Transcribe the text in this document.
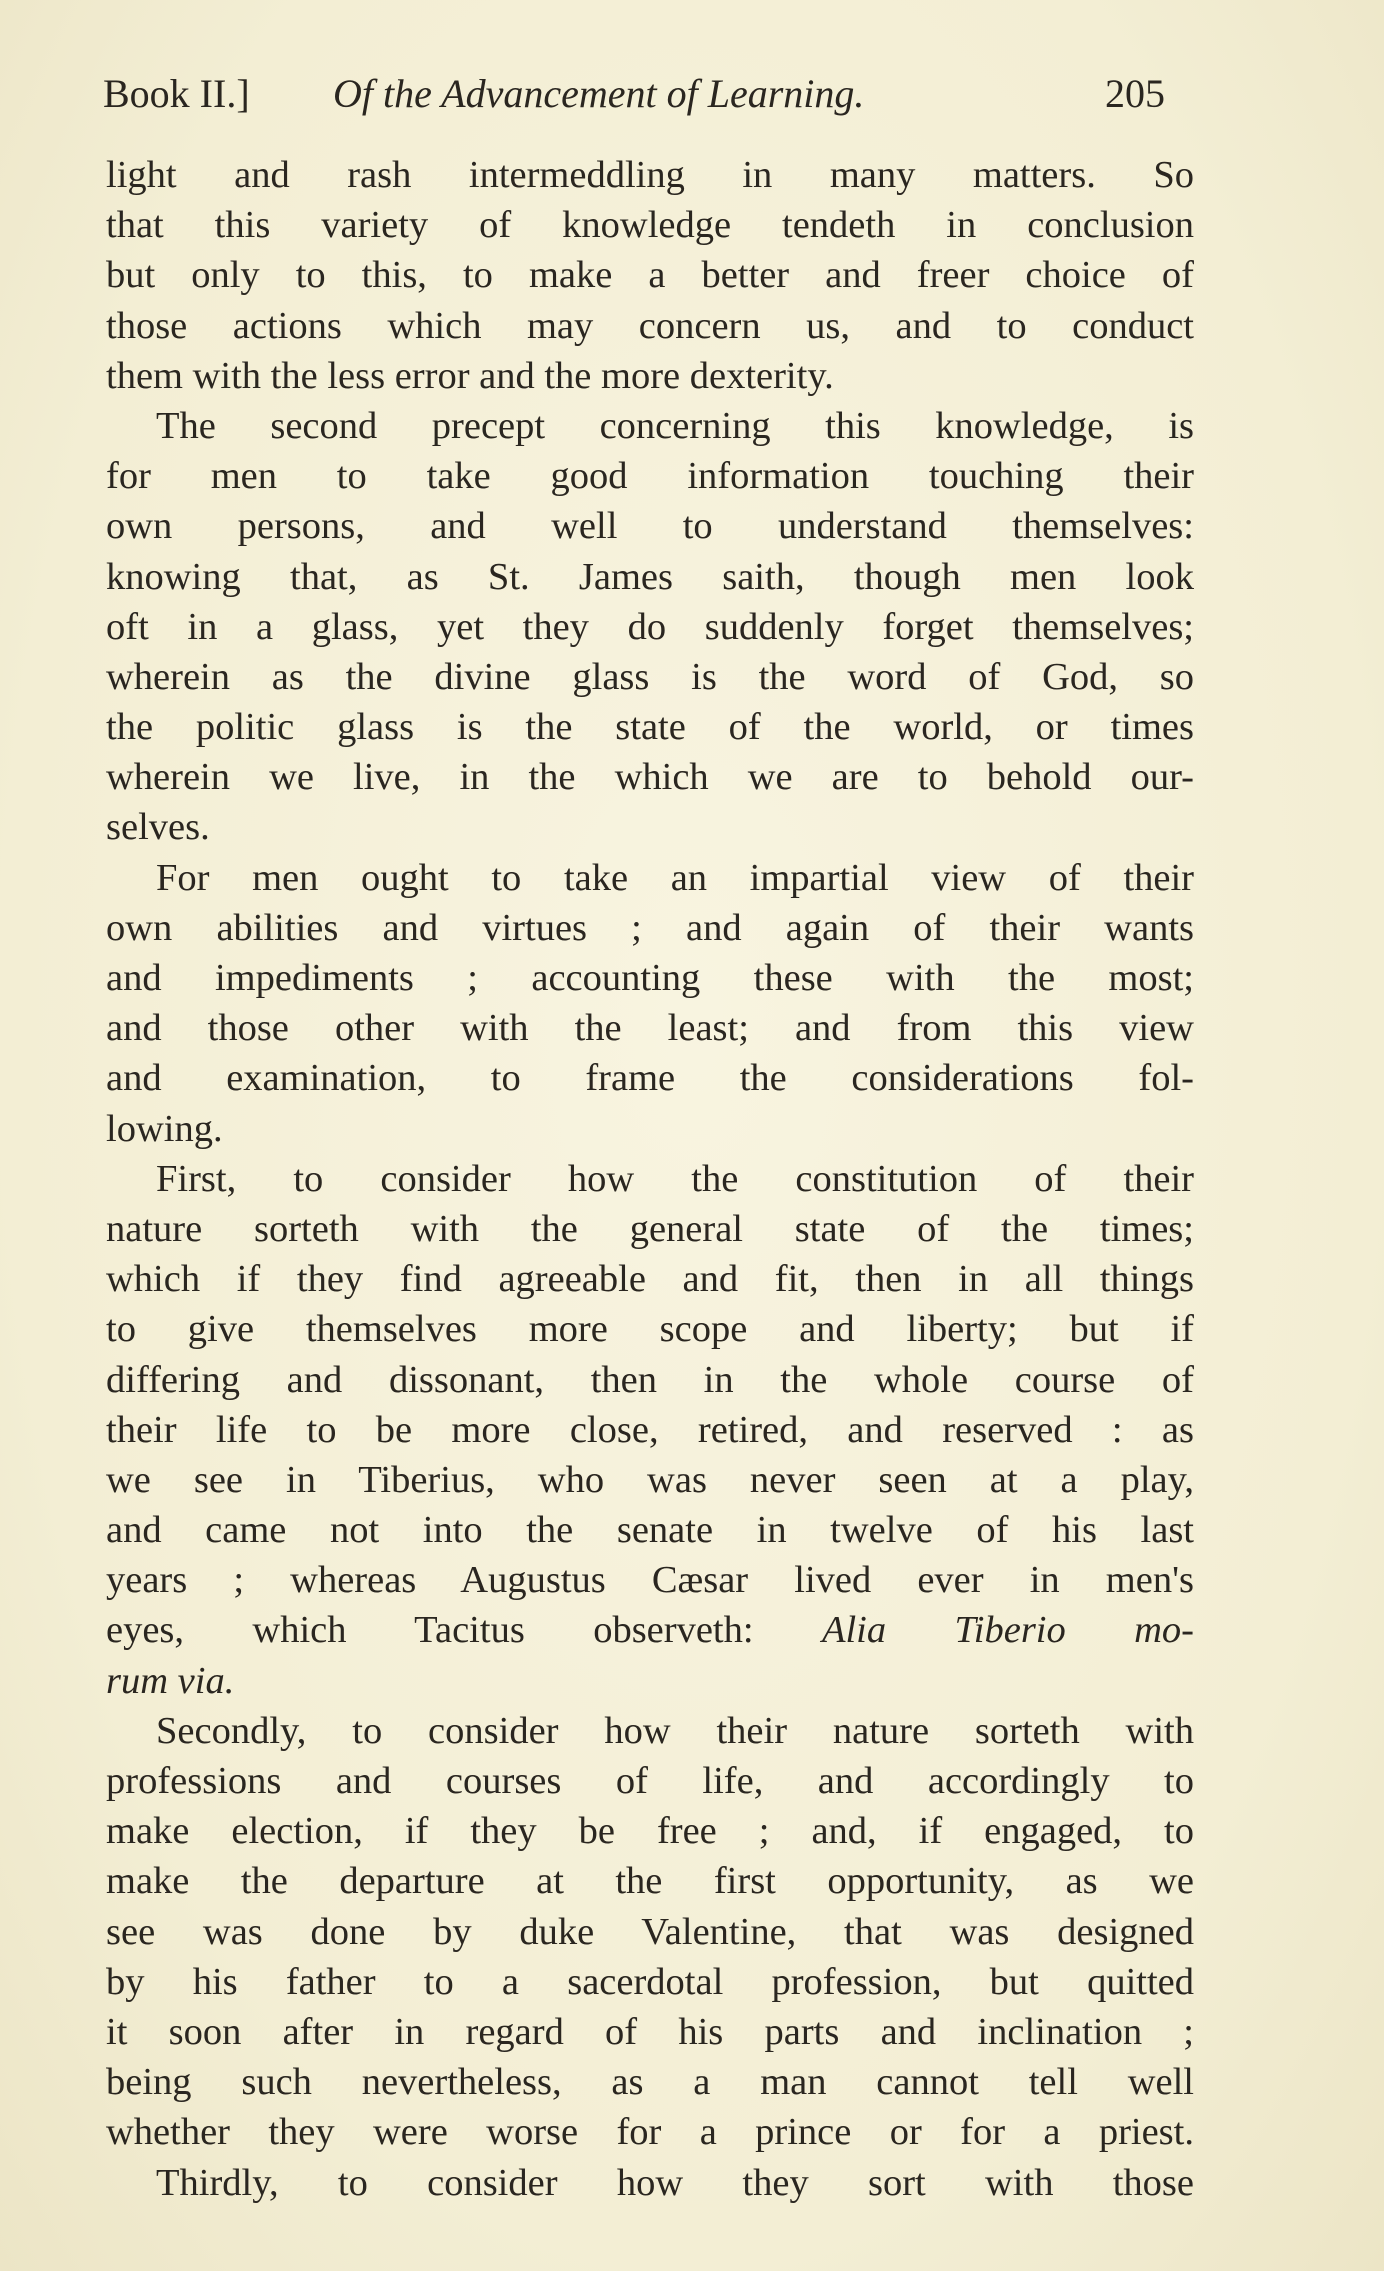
Book II.] Of the Advancement of Learning.	205
light and rash intermeddling in many matters. So
that this variety of knowledge tendeth in conclusion
but only to this, to make a better and freer choice of
those actions which may concern us, and to conduct
them with the less error and the more dexterity.
The second precept concerning this knowledge, is
for men to take good information touching their
own persons, and well to understand themselves:
knowing that, as St. James saith, though men look
oft in a glass, yet they do suddenly forget themselves;
wherein as the divine glass is the word of God, so
the politic glass is the state of the world, or times
wherein we live, in the which we are to behold our-
selves.
For men ought to take an impartial view of their
own abilities and virtues ; and again of their wants
and impediments ; accounting these with the most;
and those other with the least; and from this view
and examination, to frame the considerations fol-
lowing.
First, to consider how the constitution of their
nature sorteth with the general state of the times;
which if they find agreeable and fit, then in all things
to give themselves more scope and liberty; but if
differing and dissonant, then in the whole course of
their life to be more close, retired, and reserved : as
we see in Tiberius, who was never seen at a play,
and came not into the senate in twelve of his last
years ; whereas Augustus Cæsar lived ever in men's
eyes, which Tacitus observeth: Alia Tiberio mo-
rum via.
Secondly, to consider how their nature sorteth with
professions and courses of life, and accordingly to
make election, if they be free ; and, if engaged, to
make the departure at the first opportunity, as we
see was done by duke Valentine, that was designed
by his father to a sacerdotal profession, but quitted
it soon after in regard of his parts and inclination ;
being such nevertheless, as a man cannot tell well
whether they were worse for a prince or for a priest.
Thirdly, to consider how they sort with those
